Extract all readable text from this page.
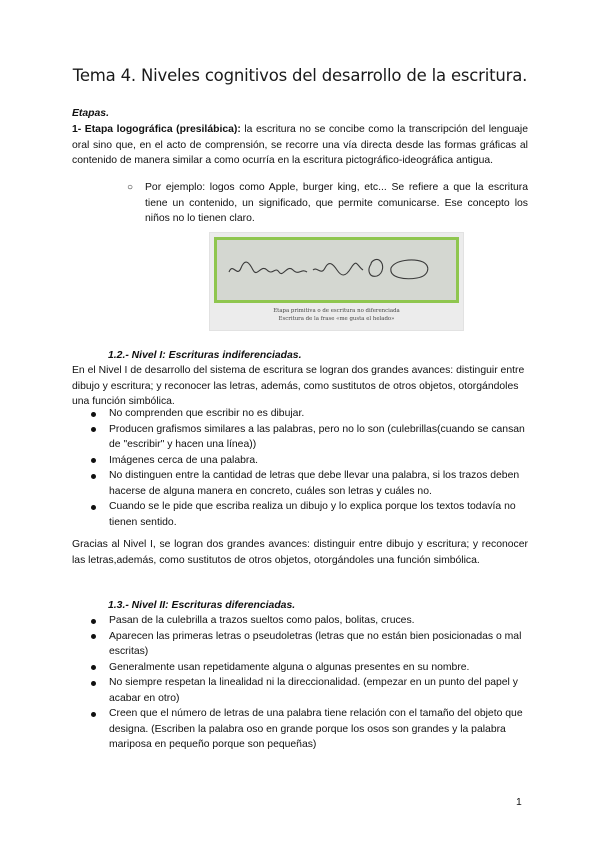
Tema 4. Niveles cognitivos del desarrollo de la escritura.
Etapas.
1- Etapa logográfica (presilábica): la escritura no se concibe como la transcripción del lenguaje oral sino que, en el acto de comprensión, se recorre una vía directa desde las formas gráficas al contenido de manera similar a como ocurría en la escritura pictográfico-ideográfica antigua.
○ Por ejemplo: logos como Apple, burger king, etc... Se refiere a que la escritura tiene un contenido, un significado, que permite comunicarse. Ese concepto los niños no lo tienen claro.
Etapa primitiva o de escritura no diferenciada
Escritura de la frase «me gusta el helado»
1.2.- Nivel I: Escrituras indiferenciadas.
En el Nivel I de desarrollo del sistema de escritura se logran dos grandes avances: distinguir entre dibujo y escritura; y reconocer las letras, además, como sustitutos de otros objetos, otorgándoles una función simbólica.
No comprenden que escribir no es dibujar.
Producen grafismos similares a las palabras, pero no lo son (culebrillas(cuando se cansan de "escribir" y hacen una línea))
Imágenes cerca de una palabra.
No distinguen entre la cantidad de letras que debe llevar una palabra, si los trazos deben hacerse de alguna manera en concreto, cuáles son letras y cuáles no.
Cuando se le pide que escriba realiza un dibujo y lo explica porque los textos todavía no tienen sentido.
Gracias al Nivel I, se logran dos grandes avances: distinguir entre dibujo y escritura; y reconocer las letras,además, como sustitutos de otros objetos, otorgándoles una función simbólica.
1.3.- Nivel II: Escrituras diferenciadas.
Pasan de la culebrilla a trazos sueltos como palos, bolitas, cruces.
Aparecen las primeras letras o pseudoletras (letras que no están bien posicionadas o mal escritas)
Generalmente usan repetidamente alguna o algunas presentes en su nombre.
No siempre respetan la linealidad ni la direccionalidad. (empezar en un punto del papel y acabar en otro)
Creen que el número de letras de una palabra tiene relación con el tamaño del objeto que designa. (Escriben la palabra oso en grande porque los osos son grandes y la palabra mariposa en pequeño porque son pequeñas)
1
